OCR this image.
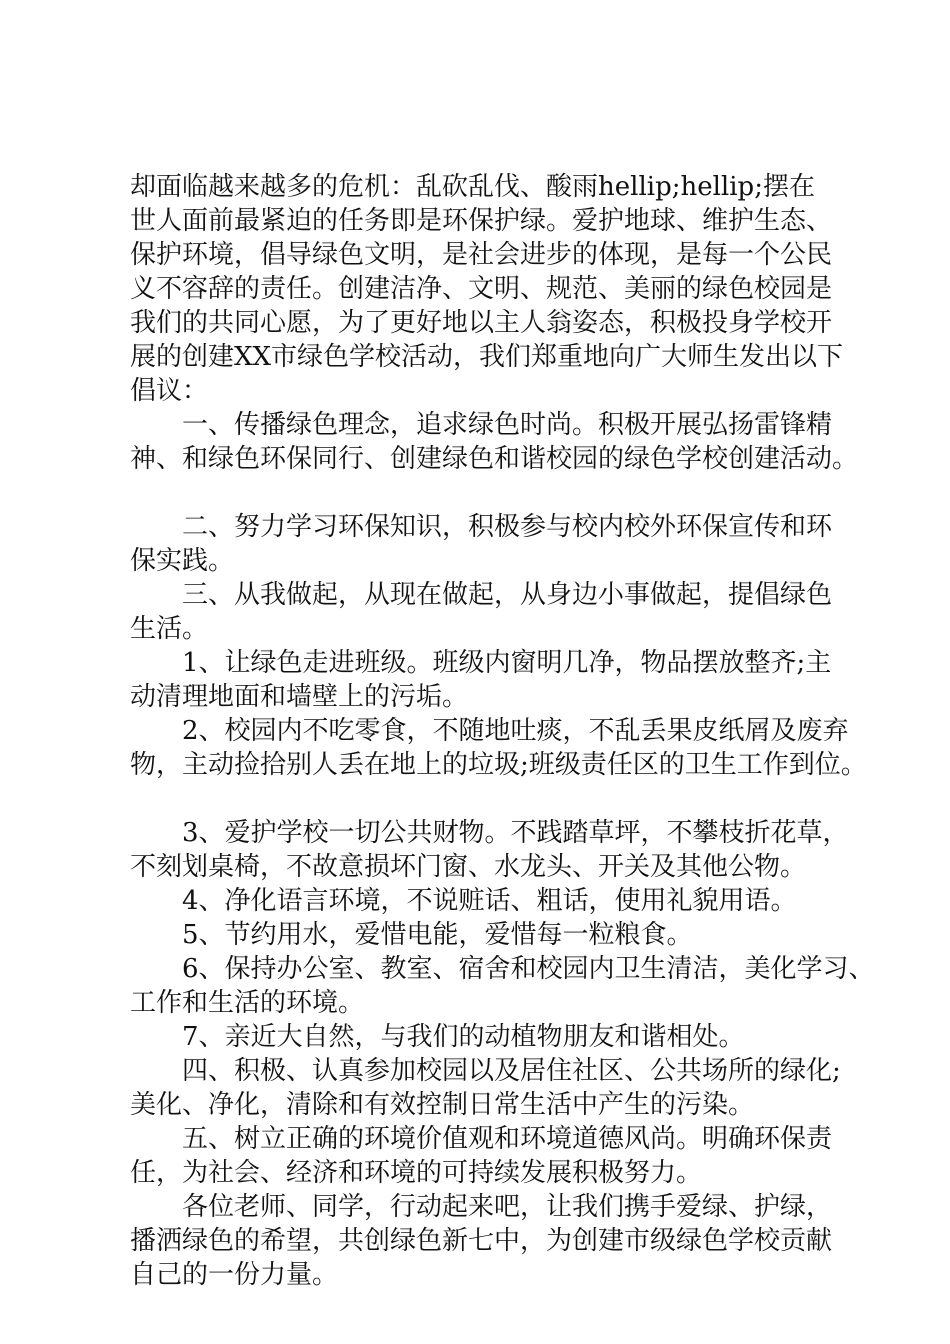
却面临越来越多的危机：乱砍乱伐、酸雨hellip;hellip;摆在
世人面前最紧迫的任务即是环保护绿。爱护地球、维护生态、
保护环境，倡导绿色文明，是社会进步的体现，是每一个公民
义不容辞的责任。创建洁净、文明、规范、美丽的绿色校园是
我们的共同心愿，为了更好地以主人翁姿态，积极投身学校开
展的创建XX市绿色学校活动，我们郑重地向广大师生发出以下
倡议：
　　一、传播绿色理念，追求绿色时尚。积极开展弘扬雷锋精
神、和绿色环保同行、创建绿色和谐校园的绿色学校创建活动。
　　二、努力学习环保知识，积极参与校内校外环保宣传和环
保实践。
　　三、从我做起，从现在做起，从身边小事做起，提倡绿色
生活。
　　1、让绿色走进班级。班级内窗明几净，物品摆放整齐;主
动清理地面和墙壁上的污垢。
　　2、校园内不吃零食，不随地吐痰，不乱丢果皮纸屑及废弃
物，主动捡拾别人丢在地上的垃圾;班级责任区的卫生工作到位。
　　3、爱护学校一切公共财物。不践踏草坪，不攀枝折花草，
不刻划桌椅，不故意损坏门窗、水龙头、开关及其他公物。
　　4、净化语言环境，不说赃话、粗话，使用礼貌用语。
　　5、节约用水，爱惜电能，爱惜每一粒粮食。
　　6、保持办公室、教室、宿舍和校园内卫生清洁，美化学习、
工作和生活的环境。
　　7、亲近大自然，与我们的动植物朋友和谐相处。
　　四、积极、认真参加校园以及居住社区、公共场所的绿化;
美化、净化，清除和有效控制日常生活中产生的污染。
　　五、树立正确的环境价值观和环境道德风尚。明确环保责
任，为社会、经济和环境的可持续发展积极努力。
　　各位老师、同学，行动起来吧，让我们携手爱绿、护绿，
播洒绿色的希望，共创绿色新七中，为创建市级绿色学校贡献
自己的一份力量。
